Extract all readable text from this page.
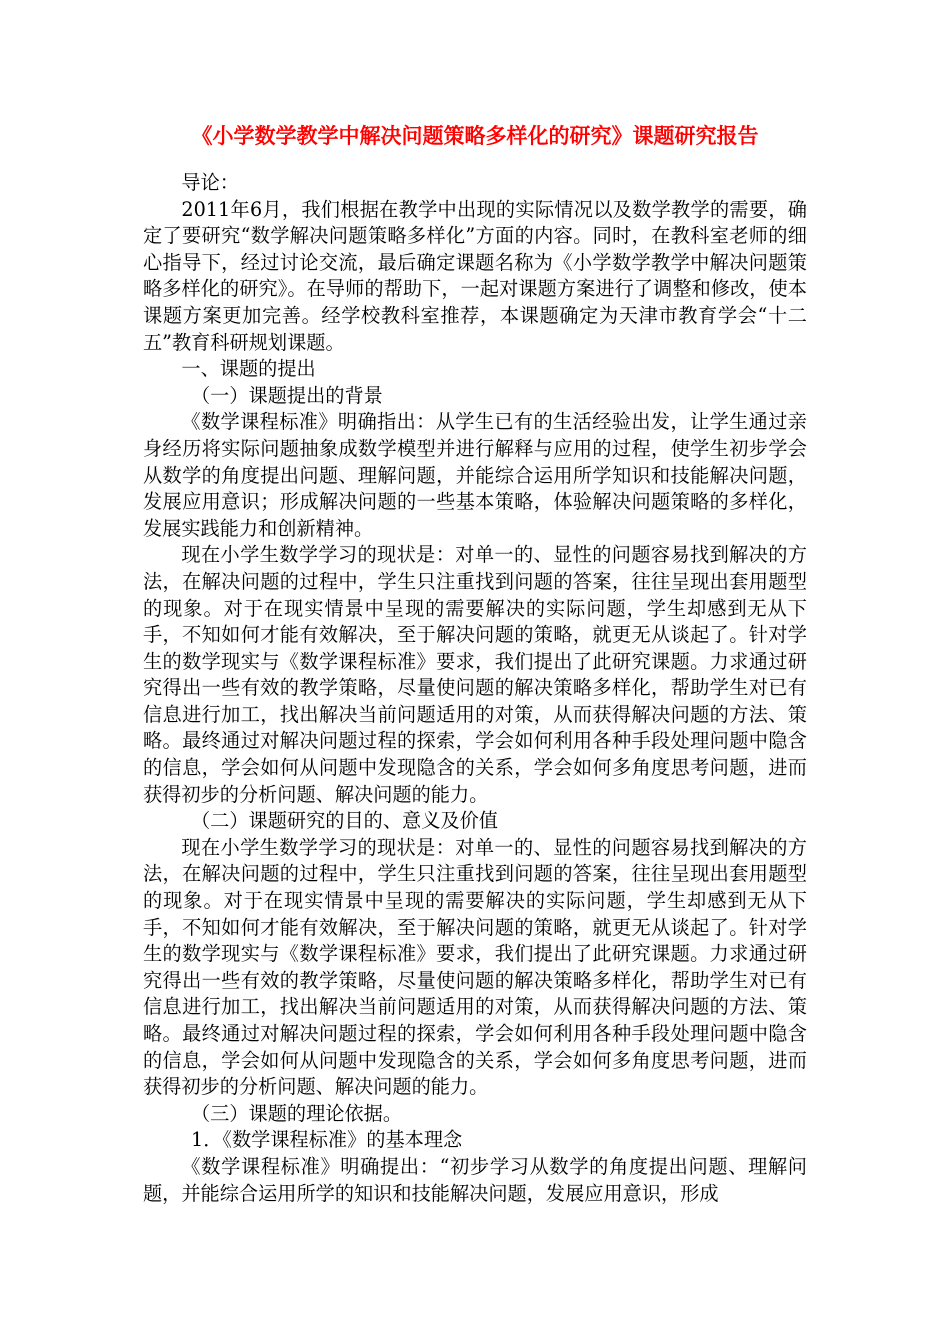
《小学数学教学中解决问题策略多样化的研究》课题研究报告

导论：

2011年6月，我们根据在教学中出现的实际情况以及数学教学的需要，确定了要研究“数学解决问题策略多样化”方面的内容。同时，在教科室老师的细心指导下，经过讨论交流，最后确定课题名称为《小学数学教学中解决问题策略多样化的研究》。在导师的帮助下，一起对课题方案进行了调整和修改，使本课题方案更加完善。经学校教科室推荐，本课题确定为天津市教育学会“十二五”教育科研规划课题。

一、课题的提出

（一）课题提出的背景

《数学课程标准》明确指出：从学生已有的生活经验出发，让学生通过亲身经历将实际问题抽象成数学模型并进行解释与应用的过程，使学生初步学会从数学的角度提出问题、理解问题，并能综合运用所学知识和技能解决问题，发展应用意识；形成解决问题的一些基本策略，体验解决问题策略的多样化，发展实践能力和创新精神。

现在小学生数学学习的现状是：对单一的、显性的问题容易找到解决的方法，在解决问题的过程中，学生只注重找到问题的答案，往往呈现出套用题型的现象。对于在现实情景中呈现的需要解决的实际问题，学生却感到无从下手，不知如何才能有效解决，至于解决问题的策略，就更无从谈起了。针对学生的数学现实与《数学课程标准》要求，我们提出了此研究课题。力求通过研究得出一些有效的教学策略，尽量使问题的解决策略多样化，帮助学生对已有信息进行加工，找出解决当前问题适用的对策，从而获得解决问题的方法、策略。最终通过对解决问题过程的探索，学会如何利用各种手段处理问题中隐含的信息，学会如何从问题中发现隐含的关系，学会如何多角度思考问题，进而获得初步的分析问题、解决问题的能力。

（二）课题研究的目的、意义及价值

现在小学生数学学习的现状是：对单一的、显性的问题容易找到解决的方法，在解决问题的过程中，学生只注重找到问题的答案，往往呈现出套用题型的现象。对于在现实情景中呈现的需要解决的实际问题，学生却感到无从下手，不知如何才能有效解决，至于解决问题的策略，就更无从谈起了。针对学生的数学现实与《数学课程标准》要求，我们提出了此研究课题。力求通过研究得出一些有效的教学策略，尽量使问题的解决策略多样化，帮助学生对已有信息进行加工，找出解决当前问题适用的对策，从而获得解决问题的方法、策略。最终通过对解决问题过程的探索，学会如何利用各种手段处理问题中隐含的信息，学会如何从问题中发现隐含的关系，学会如何多角度思考问题，进而获得初步的分析问题、解决问题的能力。

（三）课题的理论依据。

1．《数学课程标准》的基本理念

《数学课程标准》明确提出：“初步学习从数学的角度提出问题、理解问题，并能综合运用所学的知识和技能解决问题，发展应用意识，形成
